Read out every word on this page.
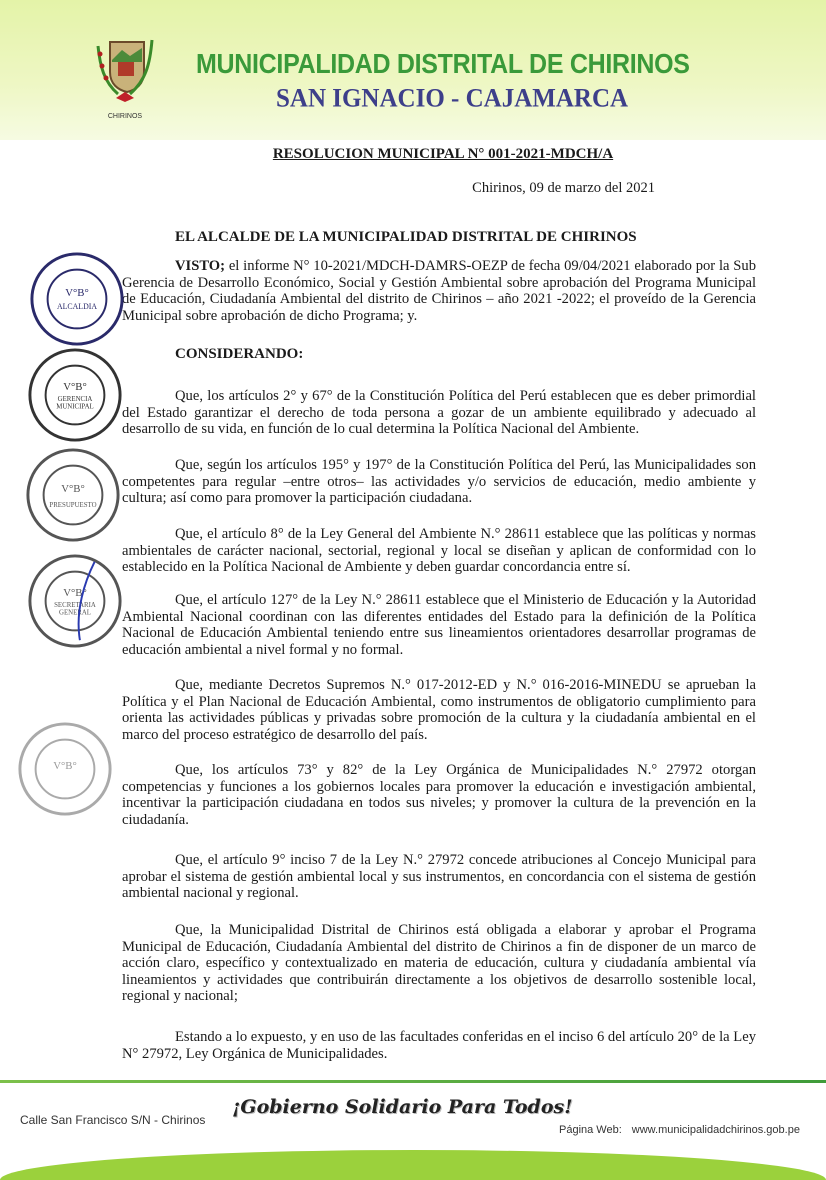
CHIRINOS
MUNICIPALIDAD DISTRITAL DE CHIRINOS
SAN IGNACIO - CAJAMARCA
RESOLUCION MUNICIPAL N° 001-2021-MDCH/A
Chirinos, 09 de marzo del 2021
EL ALCALDE DE LA MUNICIPALIDAD DISTRITAL DE CHIRINOS
VISTO; el informe N° 10-2021/MDCH-DAMRS-OEZP de fecha 09/04/2021 elaborado por la Sub Gerencia de Desarrollo Económico, Social y Gestión Ambiental sobre aprobación del Programa Municipal de Educación, Ciudadanía Ambiental del distrito de Chirinos – año 2021 -2022; el proveído de la Gerencia Municipal sobre aprobación de dicho Programa; y.
CONSIDERANDO:
Que, los artículos 2° y 67° de la Constitución Política del Perú establecen que es deber primordial del Estado garantizar el derecho de toda persona a gozar de un ambiente equilibrado y adecuado al desarrollo de su vida, en función de lo cual determina la Política Nacional del Ambiente.
Que, según los artículos 195° y 197° de la Constitución Política del Perú, las Municipalidades son competentes para regular –entre otros– las actividades y/o servicios de educación, medio ambiente y cultura; así como para promover la participación ciudadana.
Que, el artículo 8° de la Ley General del Ambiente N.° 28611 establece que las políticas y normas ambientales de carácter nacional, sectorial, regional y local se diseñan y aplican de conformidad con lo establecido en la Política Nacional de Ambiente y deben guardar concordancia entre sí.
Que, el artículo 127° de la Ley N.° 28611 establece que el Ministerio de Educación y la Autoridad Ambiental Nacional coordinan con las diferentes entidades del Estado para la definición de la Política Nacional de Educación Ambiental teniendo entre sus lineamientos orientadores desarrollar programas de educación ambiental a nivel formal y no formal.
Que, mediante Decretos Supremos N.° 017-2012-ED y N.° 016-2016-MINEDU se aprueban la Política y el Plan Nacional de Educación Ambiental, como instrumentos de obligatorio cumplimiento para orienta las actividades públicas y privadas sobre promoción de la cultura y la ciudadanía ambiental en el marco del proceso estratégico de desarrollo del país.
Que, los artículos 73° y 82° de la Ley Orgánica de Municipalidades N.° 27972 otorgan competencias y funciones a los gobiernos locales para promover la educación e investigación ambiental, incentivar la participación ciudadana en todos sus niveles; y promover la cultura de la prevención en la ciudadanía.
Que, el artículo 9° inciso 7 de la Ley N.° 27972 concede atribuciones al Concejo Municipal para aprobar el sistema de gestión ambiental local y sus instrumentos, en concordancia con el sistema de gestión ambiental nacional y regional.
Que, la Municipalidad Distrital de Chirinos está obligada a elaborar y aprobar el Programa Municipal de Educación, Ciudadanía Ambiental del distrito de Chirinos a fin de disponer de un marco de acción claro, específico y contextualizado en materia de educación, cultura y ciudadanía ambiental vía lineamientos y actividades que contribuirán directamente a los objetivos de desarrollo sostenible local, regional y nacional;
Estando a lo expuesto, y en uso de las facultades conferidas en el inciso 6 del artículo 20° de la Ley N° 27972, Ley Orgánica de Municipalidades.
V°B°
ALCALDIA
V°B°
GERENCIA
MUNICIPAL
V°B°
PRESUPUESTO
V°B°
SECRETARIA
GENERAL
V°B°
Calle San Francisco S/N - Chirinos
¡Gobierno Solidario Para Todos!
Página Web: www.municipalidadchirinos.gob.pe
